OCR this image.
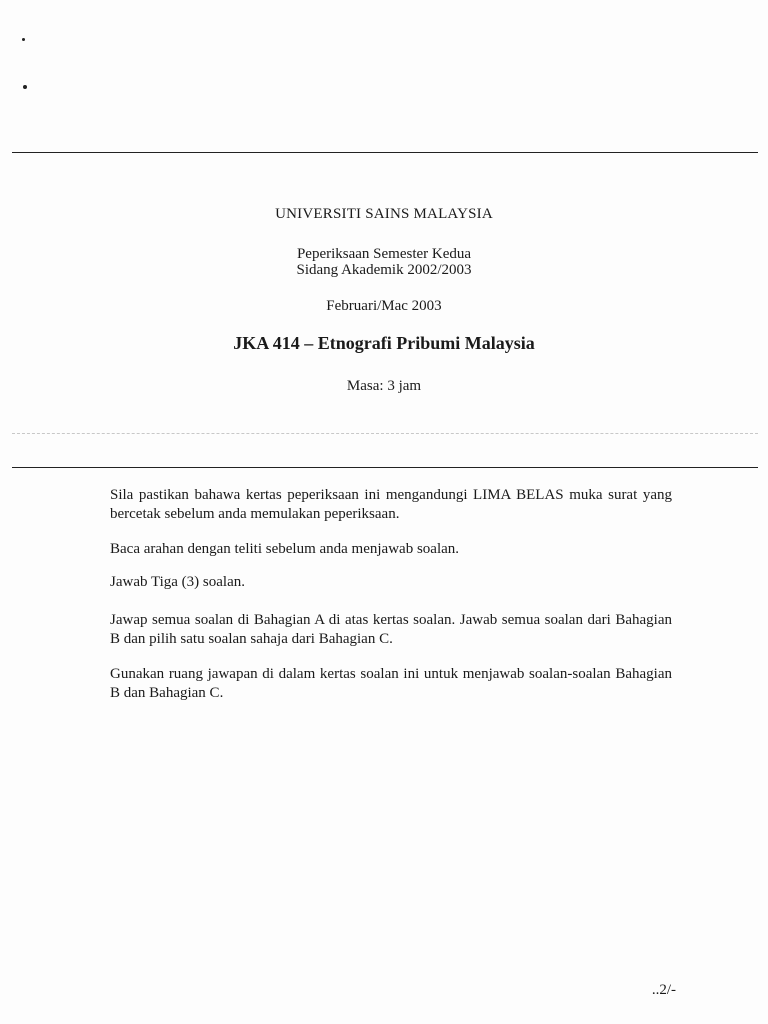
UNIVERSITI SAINS MALAYSIA
Peperiksaan Semester Kedua
Sidang Akademik 2002/2003
Februari/Mac 2003
JKA 414 – Etnografi Pribumi Malaysia
Masa: 3 jam
Sila pastikan bahawa kertas peperiksaan ini mengandungi LIMA BELAS muka surat yang bercetak sebelum anda memulakan peperiksaan.
Baca arahan dengan teliti sebelum anda menjawab soalan.
Jawab Tiga (3) soalan.
Jawap semua soalan di Bahagian A di atas kertas soalan. Jawab semua soalan dari Bahagian B dan pilih satu soalan sahaja dari Bahagian C.
Gunakan ruang jawapan di dalam kertas soalan ini untuk menjawab soalan-soalan Bahagian B dan Bahagian C.
..2/-
